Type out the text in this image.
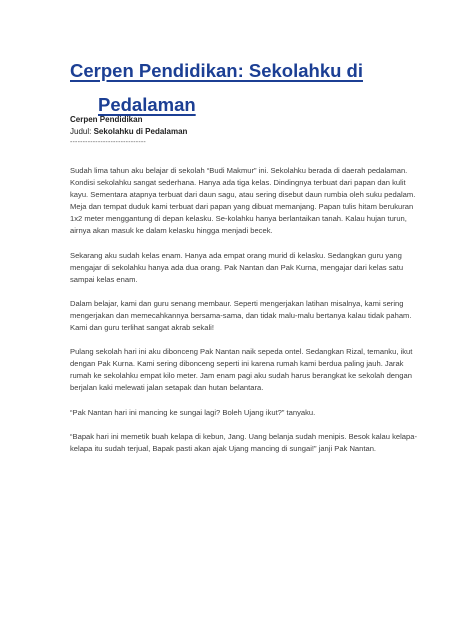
Cerpen Pendidikan: Sekolahku di
Pedalaman
Cerpen Pendidikan
Judul: Sekolahku di Pedalaman
------------------------------

Sudah lima tahun aku belajar di sekolah “Budi Makmur” ini. Sekolahku berada di daerah pedalaman. Kondisi sekolahku sangat sederhana. Hanya ada tiga kelas. Dindingnya terbuat dari papan dan kulit kayu. Sementara atapnya terbuat dari daun sagu, atau sering disebut daun rumbia oleh suku pedalam. Meja dan tempat duduk kami terbuat dari papan yang dibuat memanjang. Papan tulis hitam berukuran 1x2 meter menggantung di depan kelasku. Se-kolahku hanya berlantaikan tanah. Kalau hujan turun, airnya akan masuk ke dalam kelasku hingga menjadi becek.

Sekarang aku sudah kelas enam. Hanya ada empat orang murid di kelasku. Sedangkan guru yang mengajar di sekolahku hanya ada dua orang. Pak Nantan dan Pak Kurna, mengajar dari kelas satu sampai kelas enam.

Dalam belajar, kami dan guru senang membaur. Seperti mengerjakan latihan misalnya, kami sering mengerjakan dan memecahkannya bersama-sama, dan tidak malu-malu bertanya kalau tidak paham. Kami dan guru terlihat sangat akrab sekali!

Pulang sekolah hari ini aku dibonceng Pak Nantan naik sepeda ontel. Sedangkan Rizal, temanku, ikut dengan Pak Kurna. Kami sering dibonceng seperti ini karena rumah kami berdua paling jauh. Jarak rumah ke sekolahku empat kilo meter. Jam enam pagi aku sudah harus berangkat ke sekolah dengan berjalan kaki melewati jalan setapak dan hutan belantara.

“Pak Nantan hari ini mancing ke sungai lagi? Boleh Ujang ikut?” tanyaku.

“Bapak hari ini memetik buah kelapa di kebun, Jang. Uang belanja sudah menipis. Besok kalau kelapa-kelapa itu sudah terjual, Bapak pasti akan ajak Ujang mancing di sungai!” janji Pak Nantan.
